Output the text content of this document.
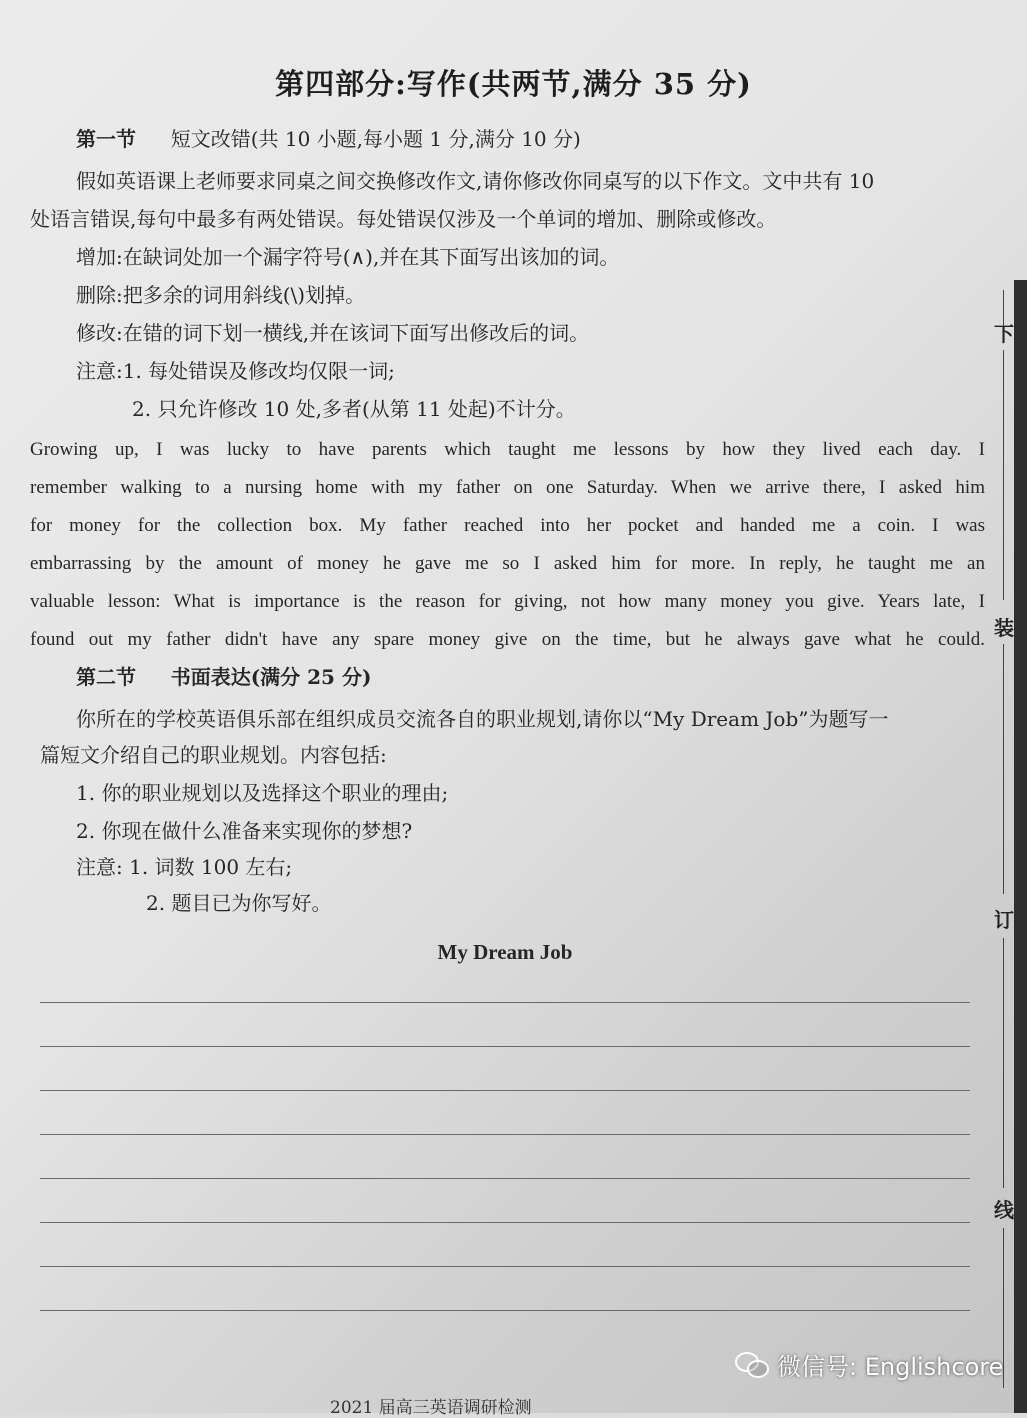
第四部分:写作(共两节,满分 35 分)
第一节 短文改错(共 10 小题,每小题 1 分,满分 10 分)
假如英语课上老师要求同桌之间交换修改作文,请你修改你同桌写的以下作文。文中共有 10
处语言错误,每句中最多有两处错误。每处错误仅涉及一个单词的增加、删除或修改。
增加:在缺词处加一个漏字符号(∧),并在其下面写出该加的词。
删除:把多余的词用斜线(\)划掉。
修改:在错的词下划一横线,并在该词下面写出修改后的词。
注意:1. 每处错误及修改均仅限一词;
2. 只允许修改 10 处,多者(从第 11 处起)不计分。
Growing up, I was lucky to have parents which taught me lessons by how they lived each day. I
remember walking to a nursing home with my father on one Saturday. When we arrive there, I asked him
for money for the collection box. My father reached into her pocket and handed me a coin. I was
embarrassing by the amount of money he gave me so I asked him for more. In reply, he taught me an
valuable lesson: What is importance is the reason for giving, not how many money you give. Years late, I
found out my father didn't have any spare money give on the time, but he always gave what he could.
第二节 书面表达(满分 25 分)
你所在的学校英语俱乐部在组织成员交流各自的职业规划,请你以“My Dream Job”为题写一
篇短文介绍自己的职业规划。内容包括:
1. 你的职业规划以及选择这个职业的理由;
2. 你现在做什么准备来实现你的梦想?
注意: 1. 词数 100 左右;
2. 题目已为你写好。
My Dream Job
下
装
订
线
微信号: Englishcore
2021 届高三英语调研检测
